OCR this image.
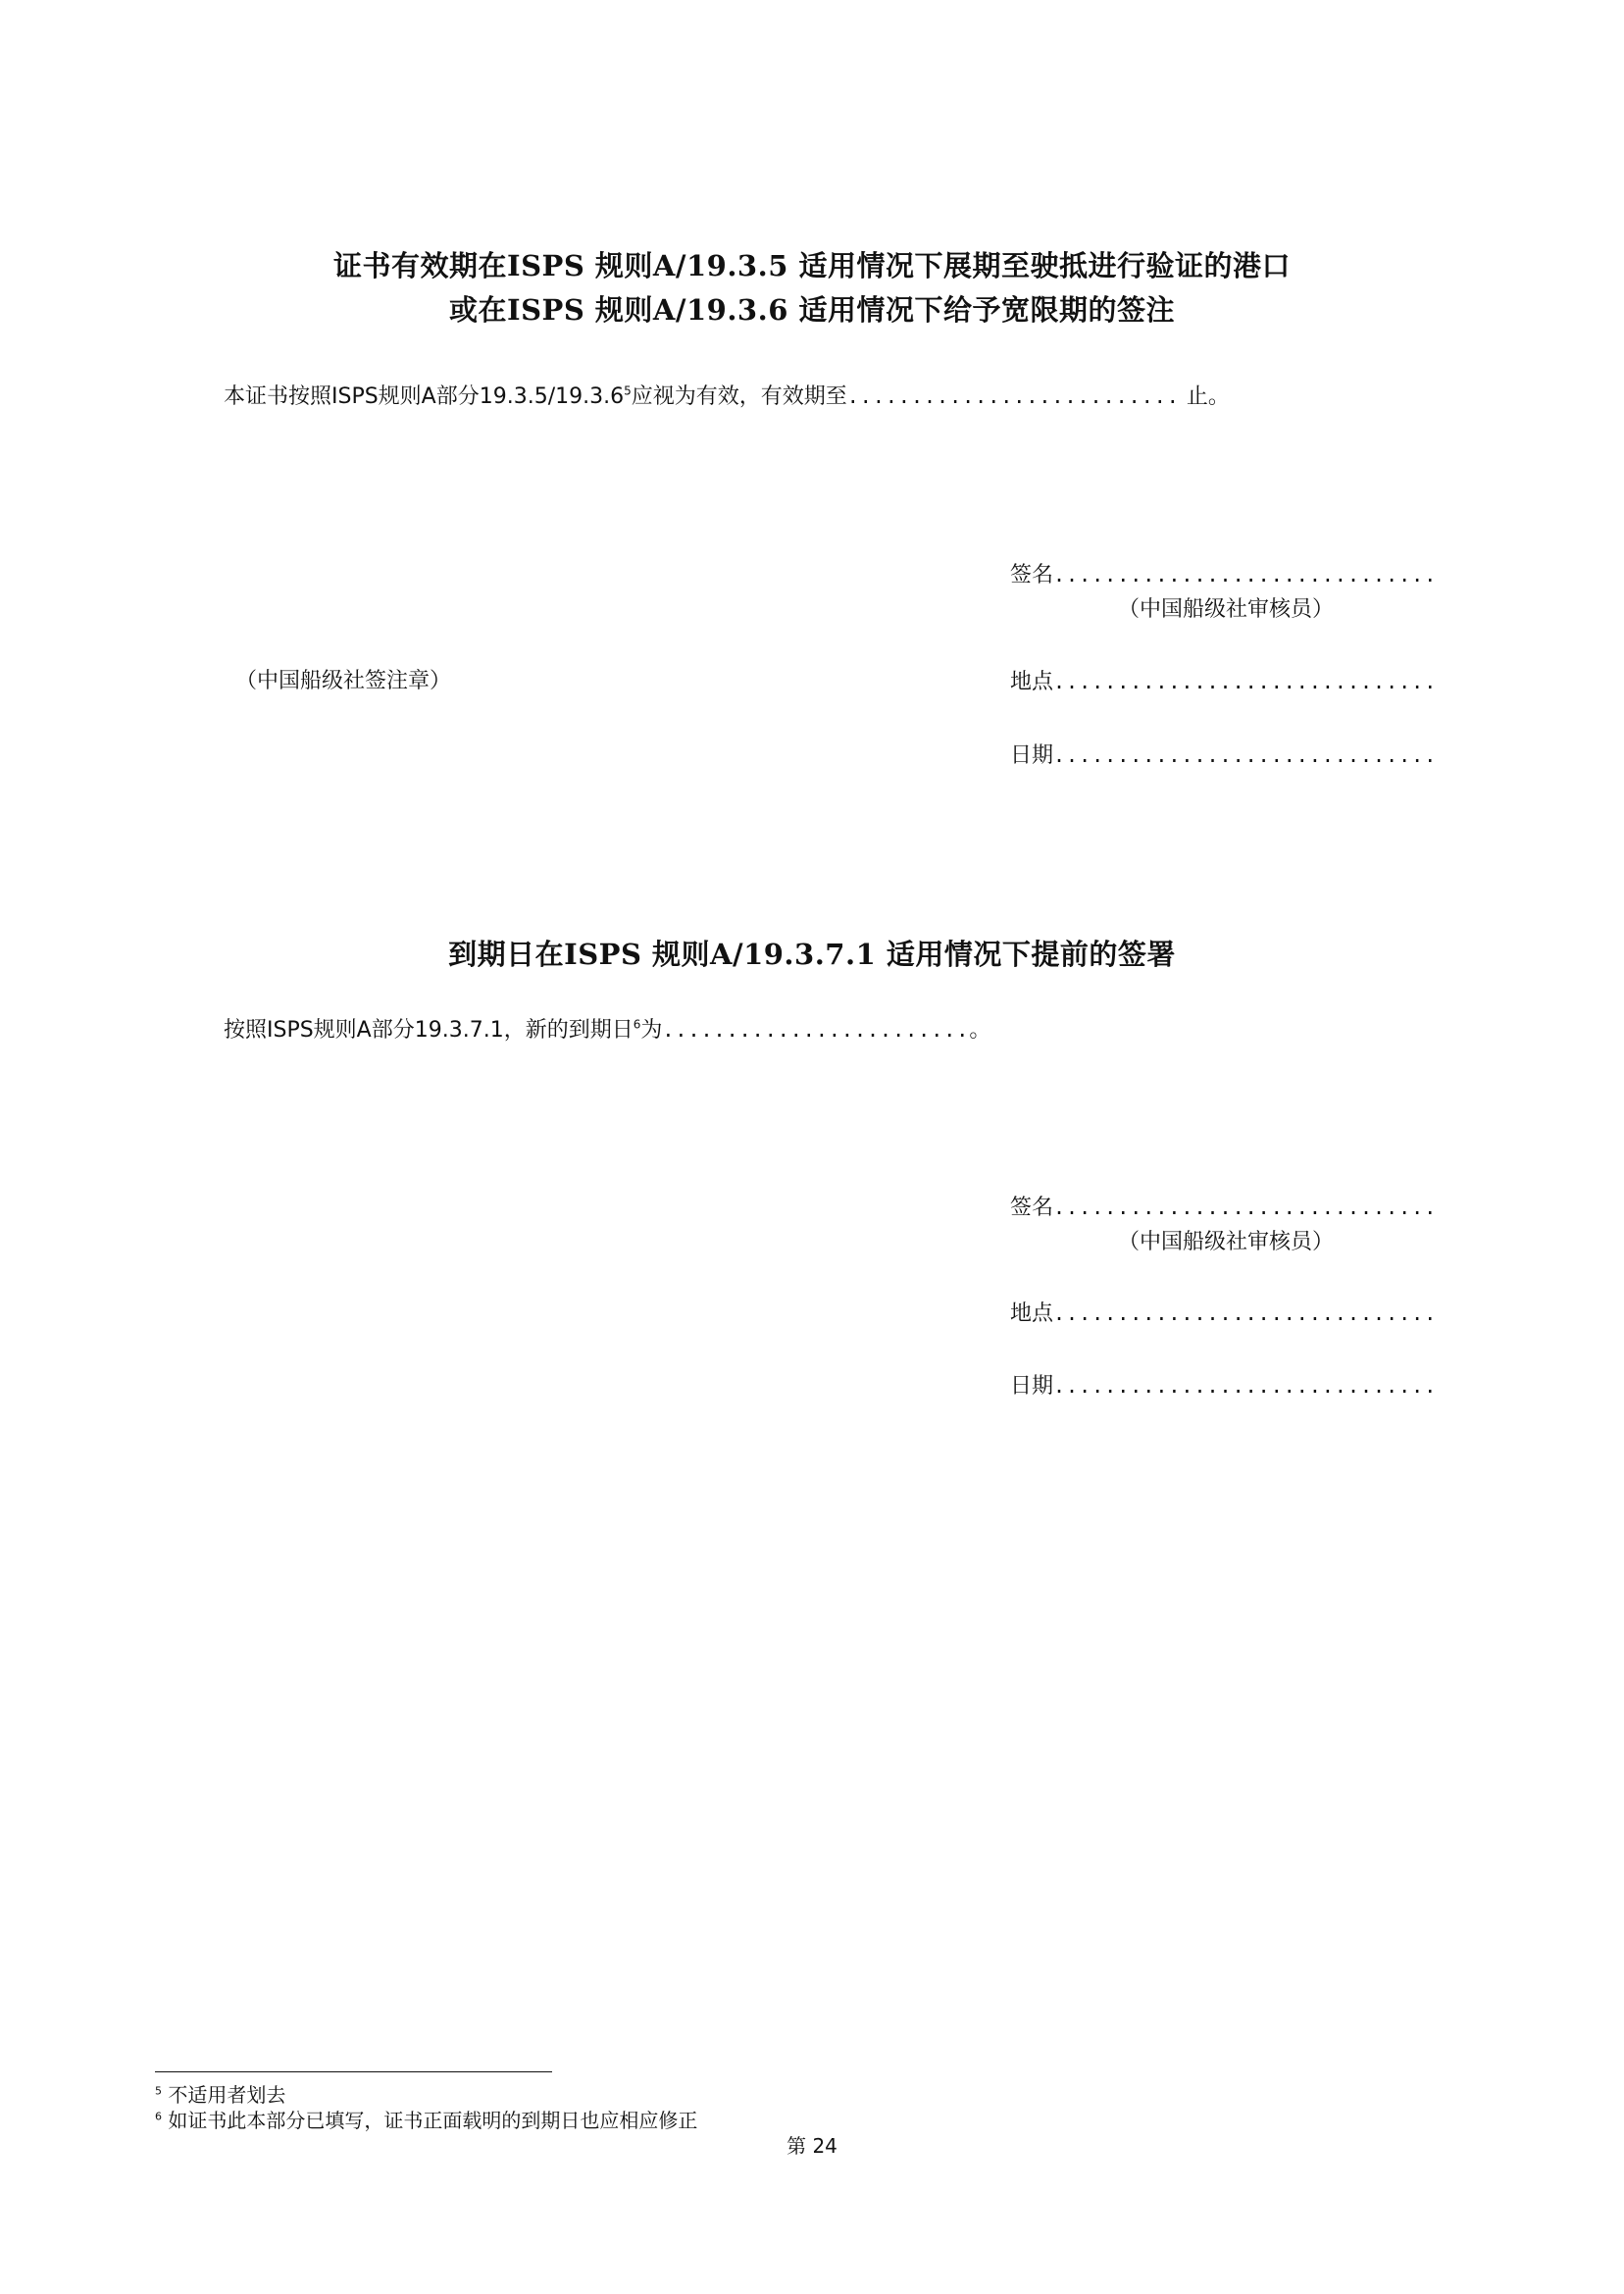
证书有效期在ISPS 规则A/19.3.5 适用情况下展期至驶抵进行验证的港口
或在ISPS 规则A/19.3.6 适用情况下给予宽限期的签注
本证书按照ISPS规则A部分19.3.5/19.3.6$^5$应视为有效，有效期至.......................... 止。
签名..............................
（中国船级社审核员）
（中国船级社签注章）	地点..............................
日期..............................
到期日在ISPS 规则A/19.3.7.1 适用情况下提前的签署
按照ISPS规则A部分19.3.7.1，新的到期日$^6$为........................。
签名..............................
（中国船级社审核员）
地点..............................
日期..............................
$^5$ 不适用者划去
$^6$ 如证书此本部分已填写，证书正面载明的到期日也应相应修正
第 24
